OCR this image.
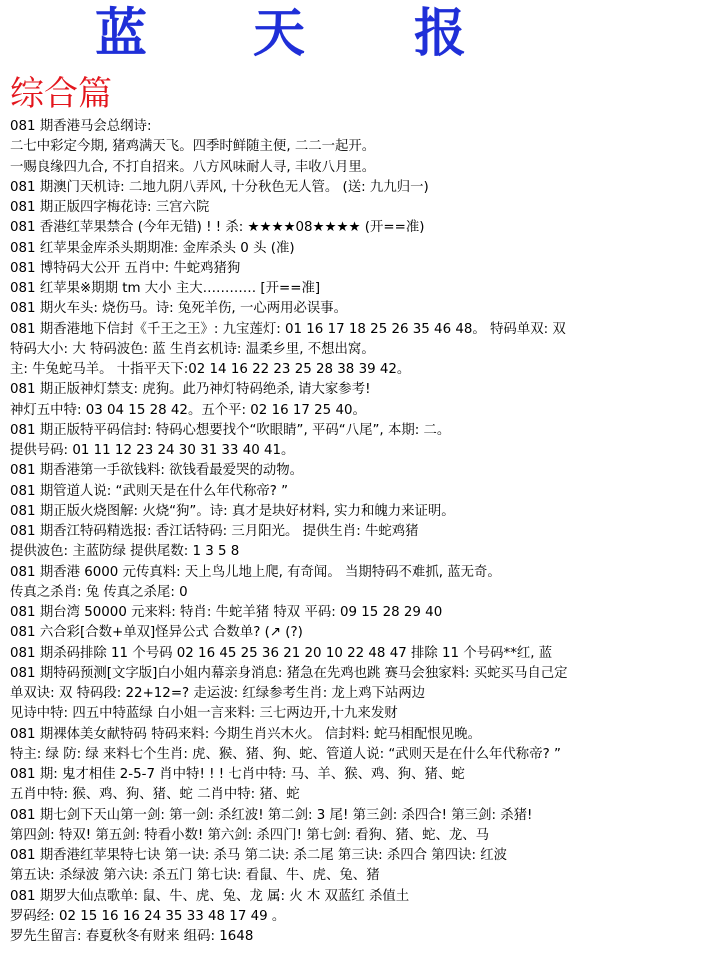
蓝 天 报
综合篇
081 期香港马会总纲诗:
二七中彩定今期, 猪鸡满天飞。四季时鲜随主便, 二二一起开。
一赐良缘四九合, 不打自招来。八方风味耐人寻, 丰收八月里。
081 期澳门天机诗: 二地九阴八弄风, 十分秋色无人管。 (送: 九九归一)
081 期正版四字梅花诗: 三宫六院
081 香港红苹果禁合 (今年无错) ! ! 杀: ★★★★08★★★★ (开==准)
081 红苹果金库杀头期期准: 金库杀头 0 头 (准)
081 博特码大公开 五肖中: 牛蛇鸡猪狗
081 红苹果※期期 tm 大小 主大………… [开==准]
081 期火车头: 烧伤马。诗: 兔死羊伤, 一心两用必误事。
081 期香港地下信封《千王之王》: 九宝莲灯: 01 16 17 18 25 26 35 46 48。 特码单双: 双
特码大小: 大 特码波色: 蓝 生肖玄机诗: 温柔乡里, 不想出窝。
主: 牛兔蛇马羊。 十指平天下:02 14 16 22 23 25 28 38 39 42。
081 期正版神灯禁支: 虎狗。此乃神灯特码绝杀, 请大家参考!
神灯五中特: 03 04 15 28 42。五个平: 02 16 17 25 40。
081 期正版特平码信封: 特码心想要找个“吹眼睛”, 平码“八尾”, 本期: 二。
提供号码: 01 11 12 23 24 30 31 33 40 41。
081 期香港第一手欲钱料: 欲钱看最爱哭的动物。
081 期管道人说: “武则天是在什么年代称帝? ”
081 期正版火烧图解: 火烧“狗”。诗: 真才是块好材料, 实力和魄力来证明。
081 期香江特码精选报: 香江话特码: 三月阳光。 提供生肖: 牛蛇鸡猪
提供波色: 主蓝防绿 提供尾数: 1 3 5 8
081 期香港 6000 元传真料: 天上鸟儿地上爬, 有奇闻。 当期特码不难抓, 蓝无奇。
传真之杀肖: 兔 传真之杀尾: 0
081 期台湾 50000 元来料: 特肖: 牛蛇羊猪 特双 平码: 09 15 28 29 40
081 六合彩[合数+单双]怪异公式 合数单? (↗ (?)
081 期杀码排除 11 个号码 02 16 45 25 36 21 20 10 22 48 47 排除 11 个号码**红, 蓝
081 期特码预测[文字版]白小姐内幕亲身消息: 猪急在先鸡也跳 赛马会独家料: 买蛇买马自己定
单双诀: 双 特码段: 22+12=? 走运波: 红绿参考生肖: 龙上鸡下站两边
见诗中特: 四五中特蓝绿 白小姐一言来料: 三七两边开,十九来发财
081 期裸体美女献特码 特码来料: 今期生肖兴木火。 信封料: 蛇马相配恨见晚。
特主: 绿 防: 绿 来料七个生肖: 虎、猴、猪、狗、蛇、管道人说: “武则天是在什么年代称帝? ”
081 期: 鬼才相佳 2-5-7 肖中特! ! ! 七肖中特: 马、羊、猴、鸡、狗、猪、蛇
五肖中特: 猴、鸡、狗、猪、蛇 二肖中特: 猪、蛇
081 期七剑下天山第一剑: 第一剑: 杀红波! 第二剑: 3 尾! 第三剑: 杀四合! 第三剑: 杀猪!
第四剑: 特双! 第五剑: 特看小数! 第六剑: 杀四门! 第七剑: 看狗、猪、蛇、龙、马
081 期香港红苹果特七诀 第一诀: 杀马 第二诀: 杀二尾 第三诀: 杀四合 第四诀: 红波
第五诀: 杀绿波 第六诀: 杀五门 第七诀: 看鼠、牛、虎、兔、猪
081 期罗大仙点歌单: 鼠、牛、虎、兔、龙 属: 火 木 双蓝红 杀值土
罗码经: 02 15 16 16 24 35 33 48 17 49 。
罗先生留言: 春夏秋冬有财来 组码: 1648
